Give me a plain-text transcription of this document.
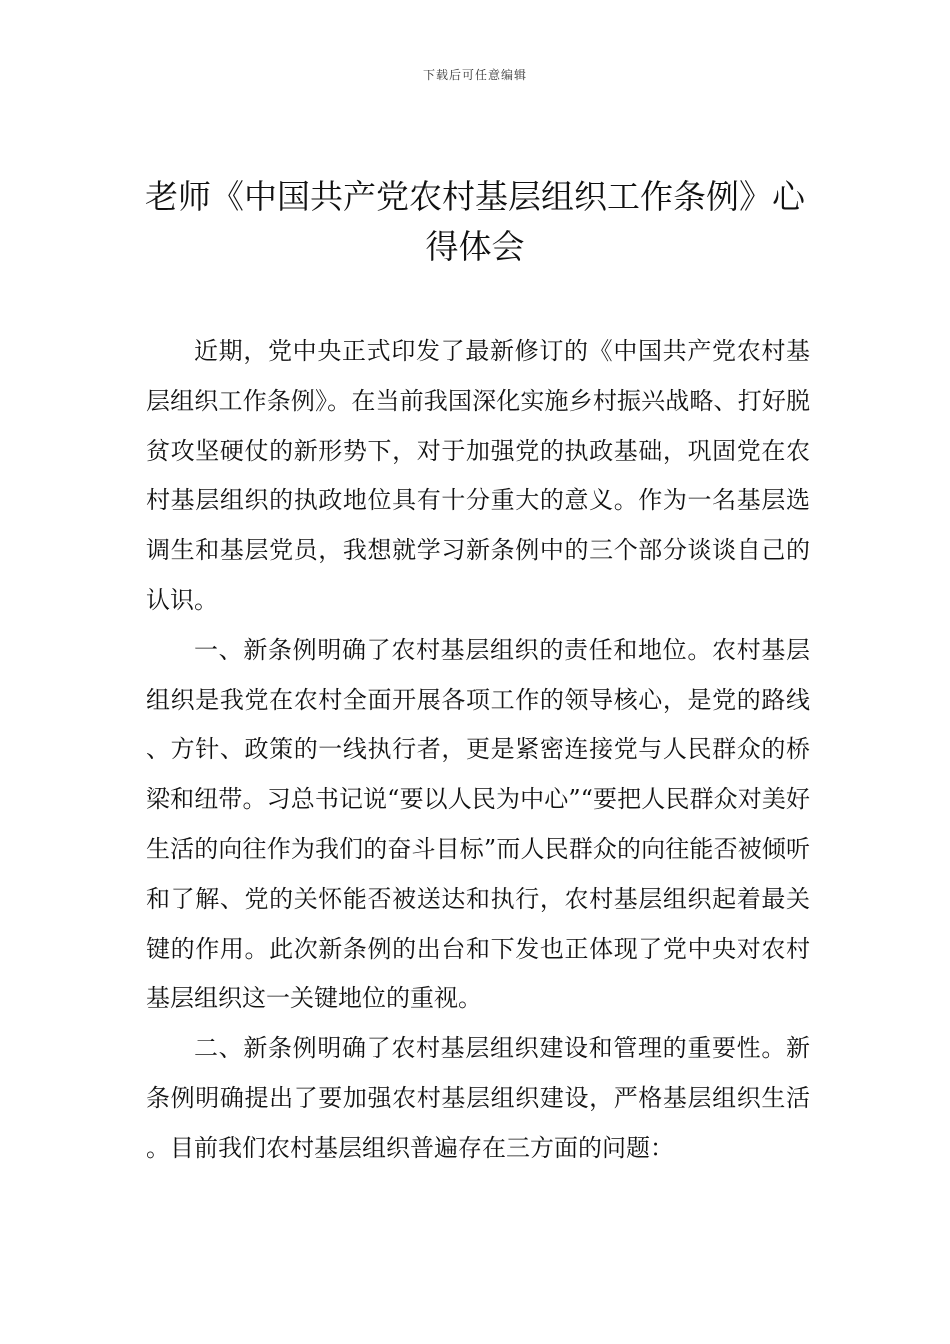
下载后可任意编辑
老师《中国共产党农村基层组织工作条例》心得体会

近期，党中央正式印发了最新修订的《中国共产党农村基层组织工作条例》。在当前我国深化实施乡村振兴战略、打好脱贫攻坚硬仗的新形势下，对于加强党的执政基础，巩固党在农村基层组织的执政地位具有十分重大的意义。作为一名基层选调生和基层党员，我想就学习新条例中的三个部分谈谈自己的认识。

一、新条例明确了农村基层组织的责任和地位。农村基层组织是我党在农村全面开展各项工作的领导核心，是党的路线、方针、政策的一线执行者，更是紧密连接党与人民群众的桥梁和纽带。习总书记说“要以人民为中心”“要把人民群众对美好生活的向往作为我们的奋斗目标”而人民群众的向往能否被倾听和了解、党的关怀能否被送达和执行，农村基层组织起着最关键的作用。此次新条例的出台和下发也正体现了党中央对农村基层组织这一关键地位的重视。

二、新条例明确了农村基层组织建设和管理的重要性。新条例明确提出了要加强农村基层组织建设，严格基层组织生活。目前我们农村基层组织普遍存在三方面的问题：
